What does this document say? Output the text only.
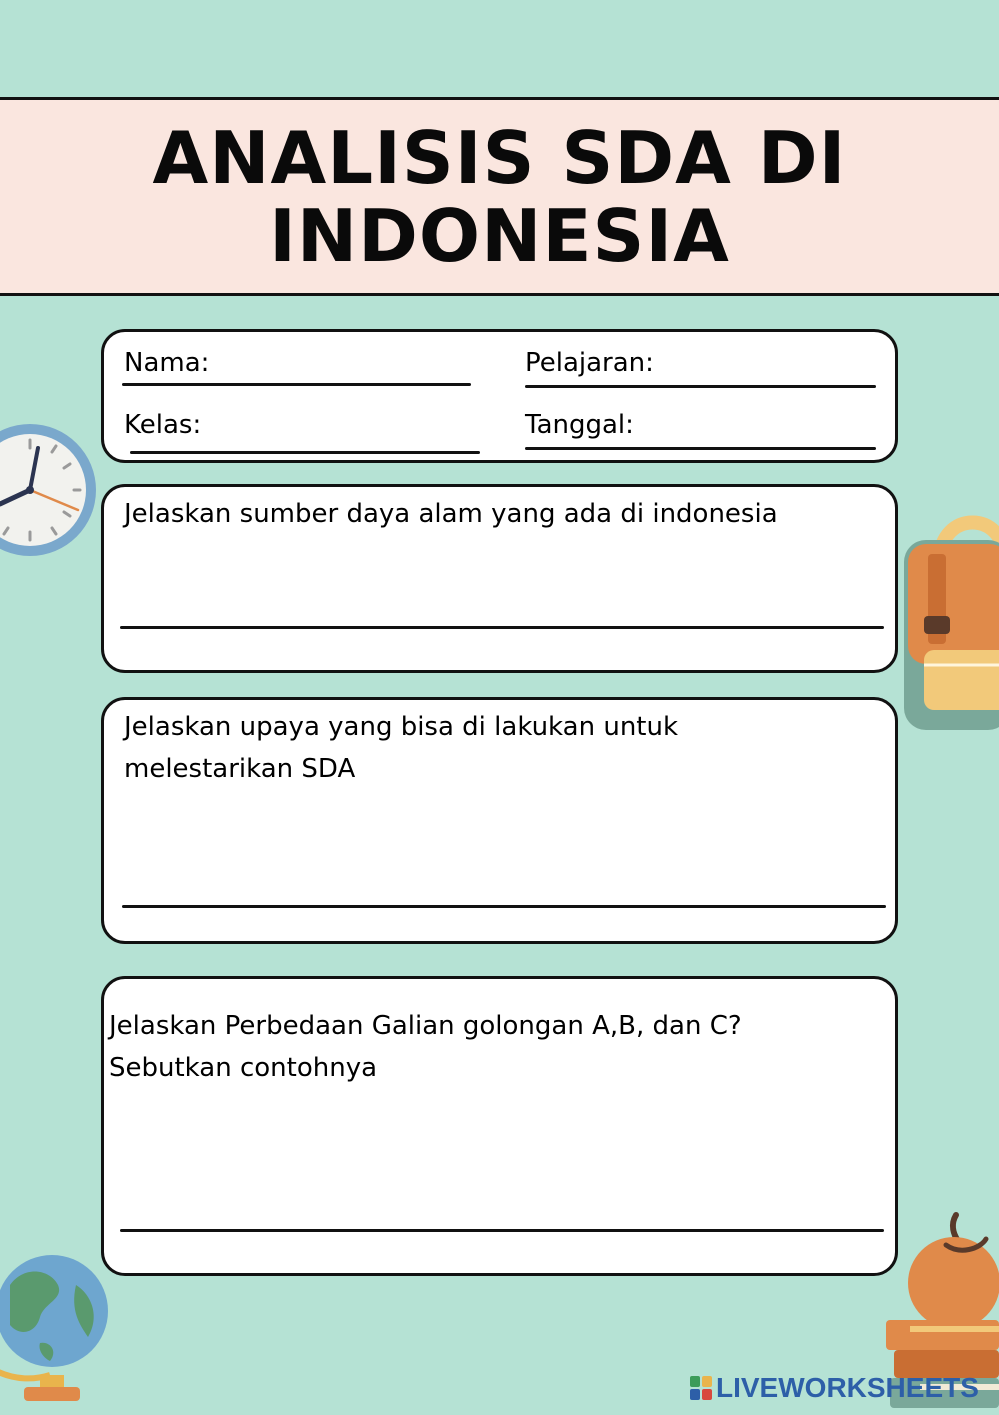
ANALISIS SDA DI
INDONESIA
Nama:	Pelajaran:
Kelas:	Tanggal:
Jelaskan sumber daya alam yang ada di indonesia
Jelaskan upaya yang bisa di lakukan untuk
melestarikan SDA
Jelaskan Perbedaan Galian golongan A,B, dan C?
Sebutkan contohnya
LIVEWORKSHEETS
